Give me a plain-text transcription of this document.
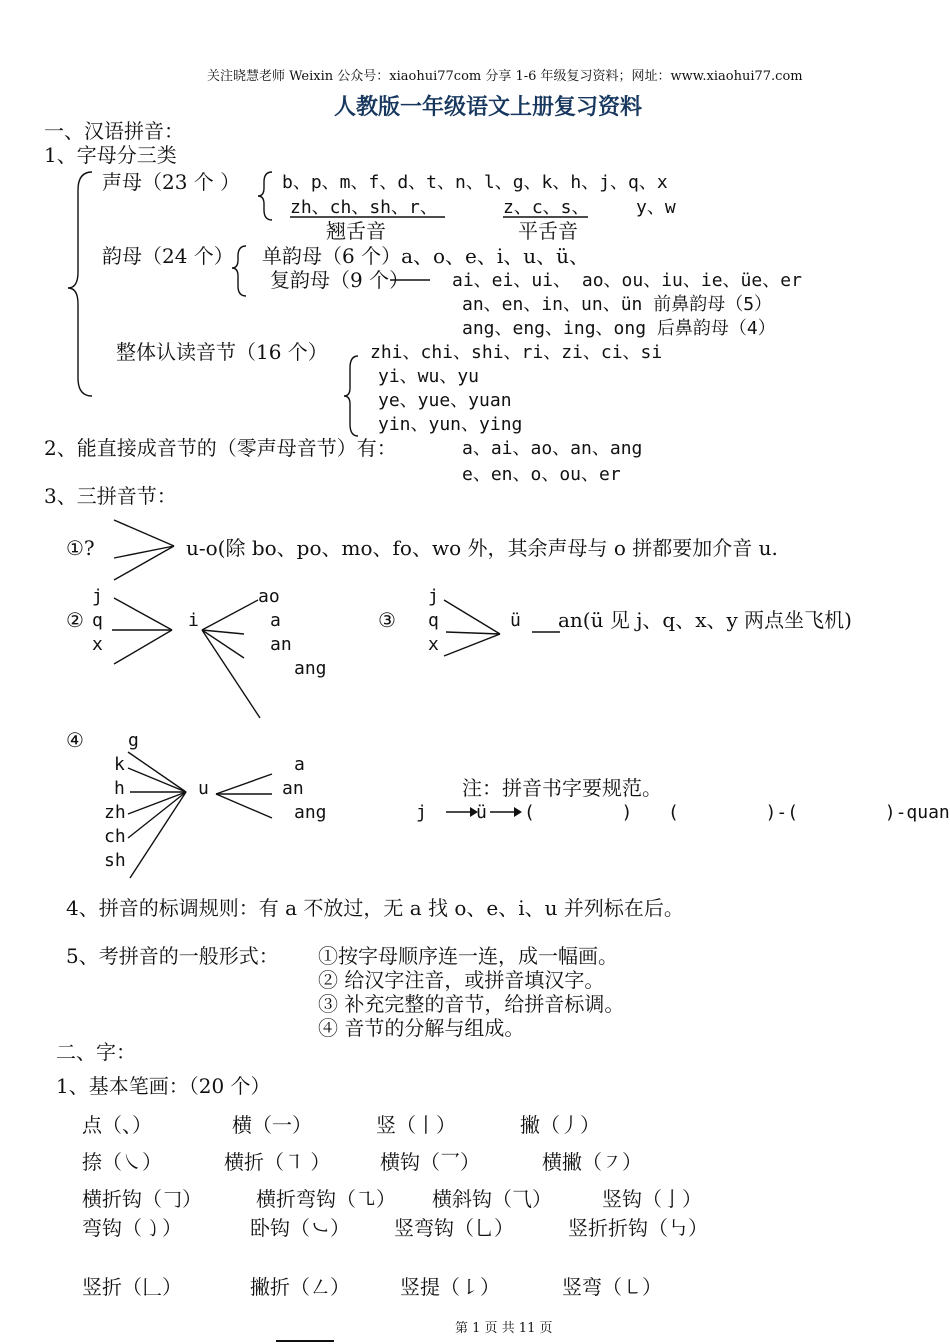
关注晓慧老师 Weixin 公众号：xiaohui77com 分享 1-6 年级复习资料；网址：www.xiaohui77.com
人教版一年级语文上册复习资料
一、汉语拼音：
1、字母分三类
声母（23 个 ） b、p、m、f、d、t、n、l、g、k、h、j、q、x
zh、ch、sh、r、	z、c、s、	y、w
翘舌音	平舌音
韵母（24 个） 单韵母（6 个）a、o、e、i、u、ü、
复韵母（9 个） ai、ei、ui、 ao、ou、iu、ie、üe、er
an、en、in、un、ün 前鼻韵母（5）
ang、eng、ing、ong 后鼻韵母（4）
整体认读音节（16 个） zhi、chi、shi、ri、zi、ci、si
yi、wu、yu
ye、yue、yuan
yin、yun、ying
2、能直接成音节的（零声母音节）有：	a、ai、ao、an、ang
e、en、o、ou、er
3、三拼音节：
①?	u-o(除 bo、po、mo、fo、wo 外，其余声母与 o 拼都要加介音 u.
j
② q
x
i
ao
a
an
ang
j
③ q
x
ü an(ü 见 j、q、x、y 两点坐飞机)
④ g
k
h
zh
ch
sh
u
a
an
ang
注：拼音书字要规范。
j	ü (        ) (        )-(        )-quan
4、拼音的标调规则：有 a 不放过，无 a 找 o、e、i、u 并列标在后。
5、考拼音的一般形式： ①按字母顺序连一连，成一幅画。
② 给汉字注音，或拼音填汉字。
③ 补充完整的音节，给拼音标调。
④ 音节的分解与组成。
二、字：
1、基本笔画：（20 个）
点（、）	横（一）	竖（丨）	撇（丿）
捺（㇏）	横折（㇕ ） 横钩（乛）	横撇（㇇）
横折钩（𠃌）	横折弯钩（㇈） 横斜钩（⺄）	竖钩（亅）
弯钩（㇁）	卧钩（㇃） 竖弯钩（乚）	竖折折钩（㇉）
竖折（𠃊）	撇折（㇜）	竖提（㇙）	竖弯（㇄）
第 1 页 共 11 页
